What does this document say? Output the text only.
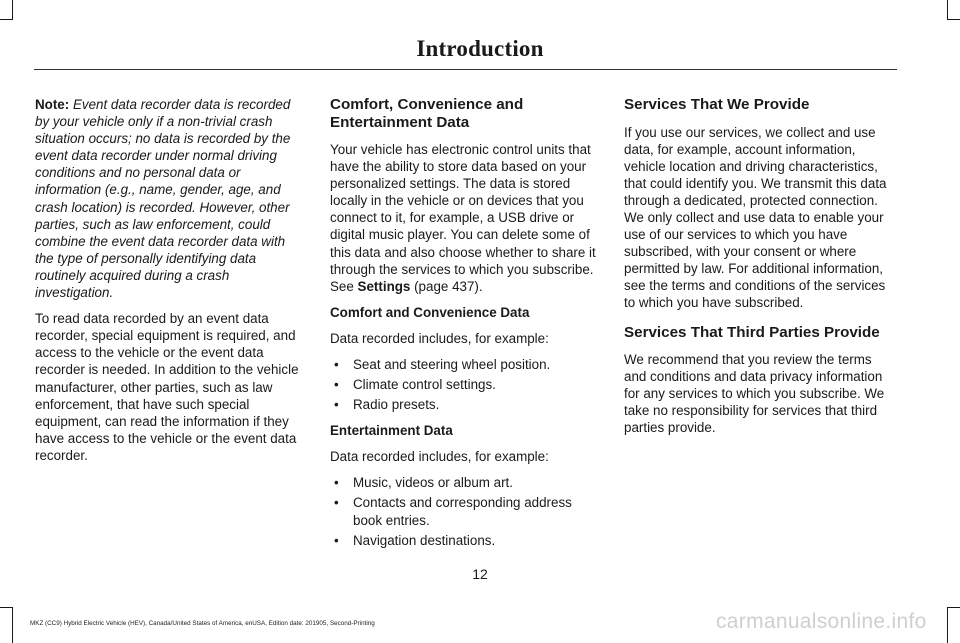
Introduction

Note: Event data recorder data is recorded by your vehicle only if a non-trivial crash situation occurs; no data is recorded by the event data recorder under normal driving conditions and no personal data or information (e.g., name, gender, age, and crash location) is recorded. However, other parties, such as law enforcement, could combine the event data recorder data with the type of personally identifying data routinely acquired during a crash investigation.

To read data recorded by an event data recorder, special equipment is required, and access to the vehicle or the event data recorder is needed. In addition to the vehicle manufacturer, other parties, such as law enforcement, that have such special equipment, can read the information if they have access to the vehicle or the event data recorder.

Comfort, Convenience and Entertainment Data

Your vehicle has electronic control units that have the ability to store data based on your personalized settings. The data is stored locally in the vehicle or on devices that you connect to it, for example, a USB drive or digital music player. You can delete some of this data and also choose whether to share it through the services to which you subscribe. See Settings (page 437).

Comfort and Convenience Data

Data recorded includes, for example:

• Seat and steering wheel position.
• Climate control settings.
• Radio presets.
Entertainment Data

Data recorded includes, for example:

• Music, videos or album art.
• Contacts and corresponding address book entries.
• Navigation destinations.
Services That We Provide

If you use our services, we collect and use data, for example, account information, vehicle location and driving characteristics, that could identify you. We transmit this data through a dedicated, protected connection. We only collect and use data to enable your use of our services to which you have subscribed, with your consent or where permitted by law. For additional information, see the terms and conditions of the services to which you have subscribed.

Services That Third Parties Provide

We recommend that you review the terms and conditions and data privacy information for any services to which you subscribe. We take no responsibility for services that third parties provide.

12
MKZ (CC9) Hybrid Electric Vehicle (HEV), Canada/United States of America, enUSA, Edition date: 201905, Second-Printing	carmanualsonline.info
